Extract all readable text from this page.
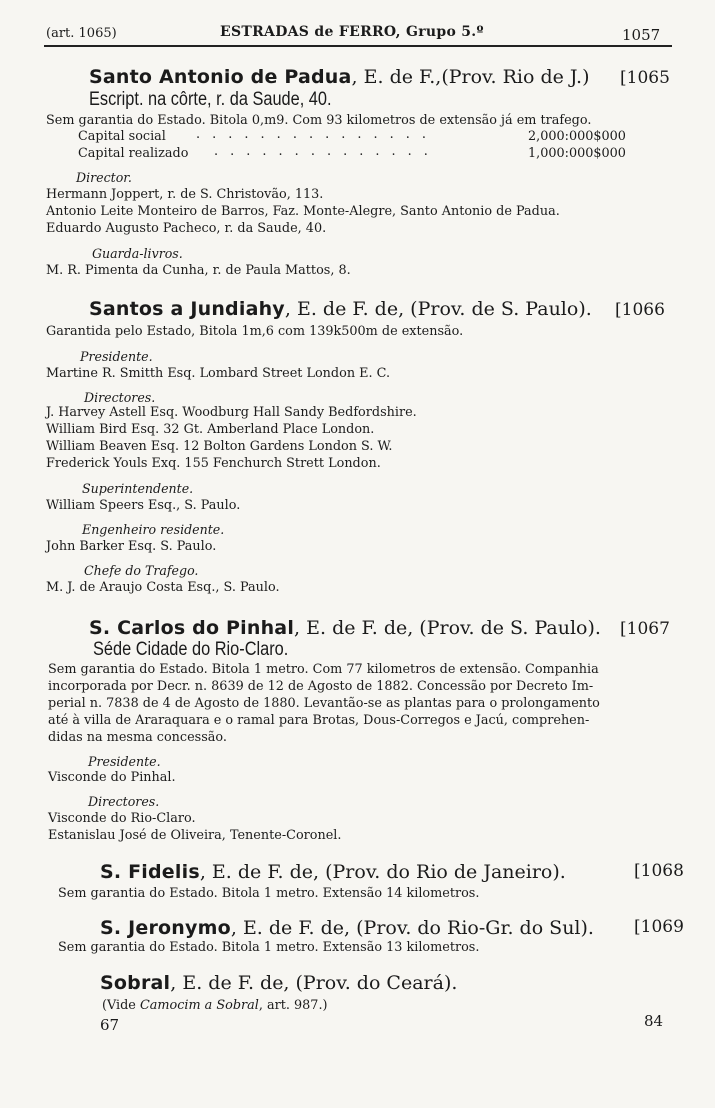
(art. 1065)	ESTRADAS de FERRO, Grupo 5.º	1057
Santo Antonio de Padua, E. de F.,(Prov. Rio de J.) [1065
Escript. na côrte, r. da Saude, 40.
Sem garantia do Estado. Bitola 0,m9. Com 93 kilometros de extensão já em trafego.
Capital social . . . . . . . . . . . . . . .	2,000:000$000
Capital realizado . . . . . . . . . . . . . .	1,000:000$000
Director.
Hermann Joppert, r. de S. Christovão, 113.
Antonio Leite Monteiro de Barros, Faz. Monte-Alegre, Santo Antonio de Padua.
Eduardo Augusto Pacheco, r. da Saude, 40.
Guarda-livros.
M. R. Pimenta da Cunha, r. de Paula Mattos, 8.
Santos a Jundiahy, E. de F. de, (Prov. de S. Paulo). [1066
Garantida pelo Estado, Bitola 1m,6 com 139k500m de extensão.
Presidente.
Martine R. Smitth Esq. Lombard Street London E. C.
Directores.
J. Harvey Astell Esq. Woodburg Hall Sandy Bedfordshire.
William Bird Esq. 32 Gt. Amberland Place London.
William Beaven Esq. 12 Bolton Gardens London S. W.
Frederick Youls Exq. 155 Fenchurch Strett London.
Superintendente.
William Speers Esq., S. Paulo.
Engenheiro residente.
John Barker Esq. S. Paulo.
Chefe do Trafego.
M. J. de Araujo Costa Esq., S. Paulo.
S. Carlos do Pinhal, E. de F. de, (Prov. de S. Paulo). [1067
Séde Cidade do Rio-Claro.
Sem garantia do Estado. Bitola 1 metro. Com 77 kilometros de extensão. Companhia
incorporada por Decr. n. 8639 de 12 de Agosto de 1882. Concessão por Decreto Im-
perial n. 7838 de 4 de Agosto de 1880. Levantão-se as plantas para o prolongamento
até à villa de Araraquara e o ramal para Brotas, Dous-Corregos e Jacú, comprehen-
didas na mesma concessão.
Presidente.
Visconde do Pinhal.
Directores.
Visconde do Rio-Claro.
Estanislau José de Oliveira, Tenente-Coronel.
S. Fidelis, E. de F. de, (Prov. do Rio de Janeiro).	[1068
Sem garantia do Estado. Bitola 1 metro. Extensão 14 kilometros.
S. Jeronymo, E. de F. de, (Prov. do Rio-Gr. do Sul). [1069
Sem garantia do Estado. Bitola 1 metro. Extensão 13 kilometros.
Sobral, E. de F. de, (Prov. do Ceará).
(Vide Camocim a Sobral, art. 987.)
67	84
